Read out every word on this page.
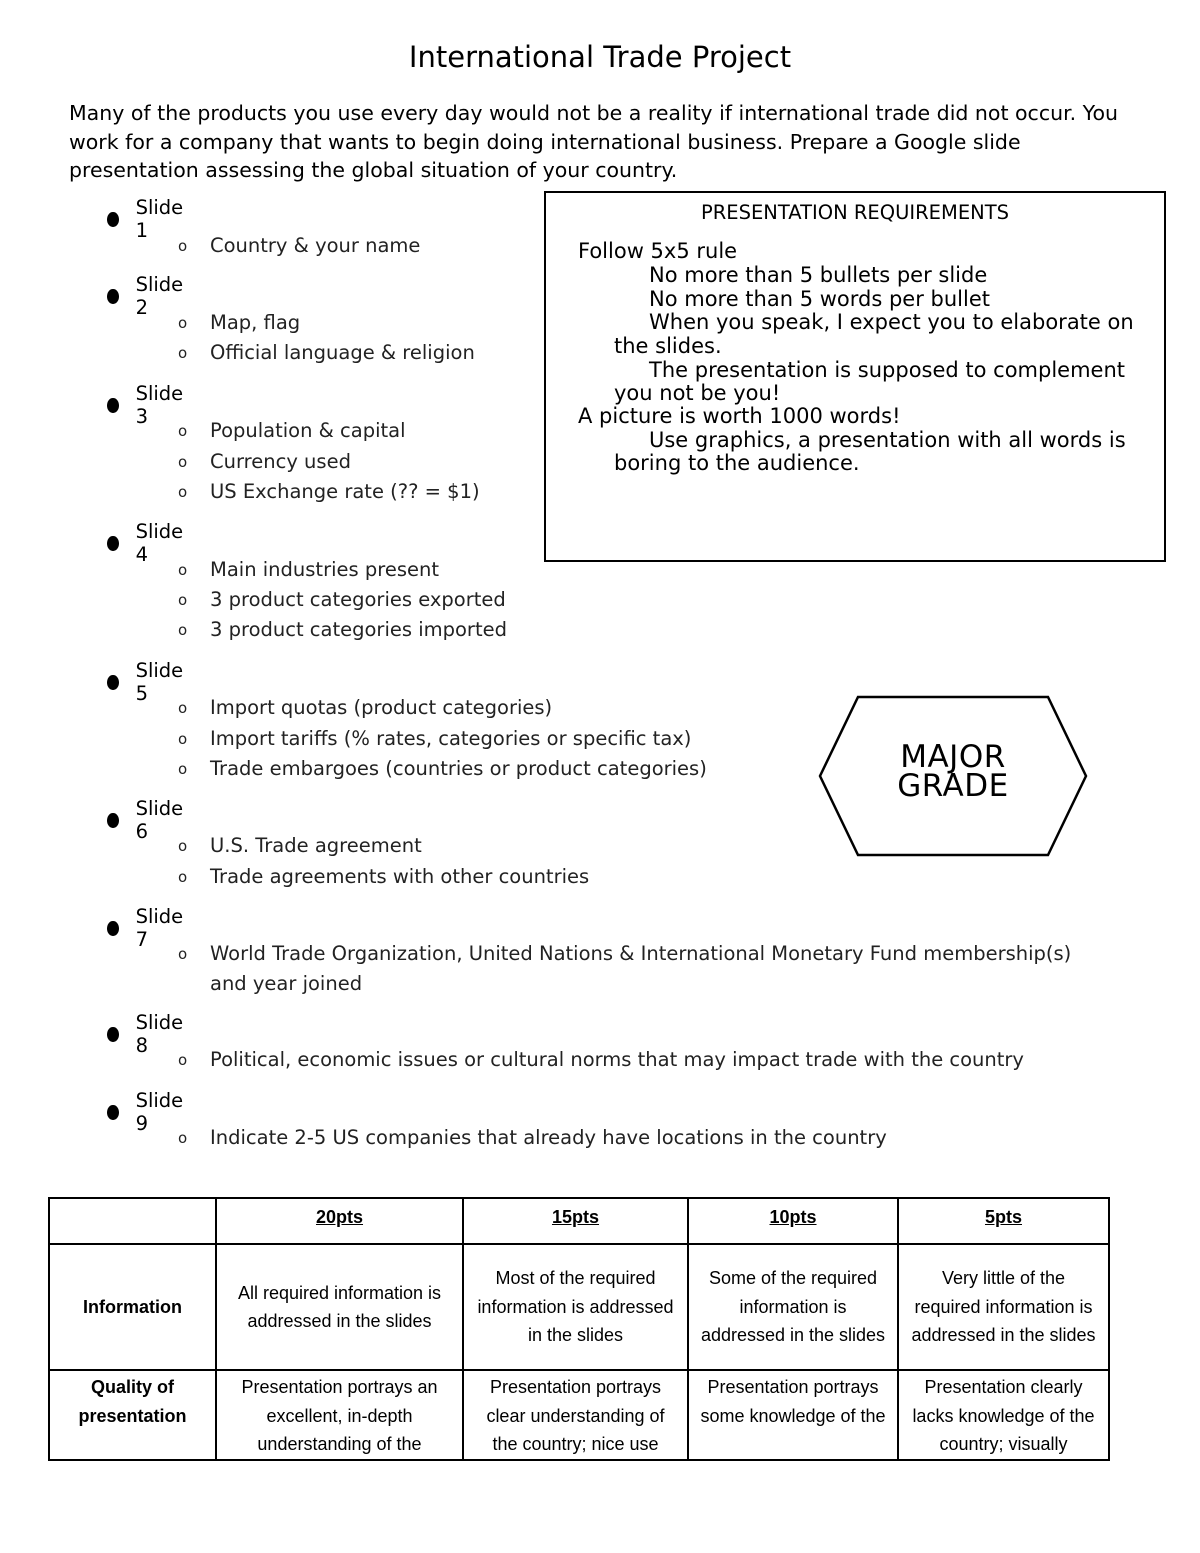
International Trade Project
Many of the products you use every day would not be a reality if international trade did not occur. You work for a company that wants to begin doing international business. Prepare a Google slide presentation assessing the global situation of your country.
Slide 1
o	Country & your name
Slide 2
o	Map, flag
o	Official language & religion
Slide 3
o	Population & capital
o	Currency used
o	US Exchange rate (?? = $1)
Slide 4
o	Main industries present
o	3 product categories exported
o	3 product categories imported
Slide 5
o	Import quotas (product categories)
o	Import tariffs (% rates, categories or specific tax)
o	Trade embargoes (countries or product categories)
Slide 6
o	U.S. Trade agreement
o	Trade agreements with other countries
Slide 7
o	World Trade Organization, United Nations & International Monetary Fund membership(s) and year joined
Slide 8
o	Political, economic issues or cultural norms that may impact trade with the country
Slide 9
o	Indicate 2-5 US companies that already have locations in the country
PRESENTATION REQUIREMENTS
Follow 5x5 rule
No more than 5 bullets per slide
No more than 5 words per bullet
When you speak, I expect you to elaborate on
the slides.
The presentation is supposed to complement
you not be you!
A picture is worth 1000 words!
Use graphics, a presentation with all words is
boring to the audience.
MAJOR
GRADE
	20pts	15pts	10pts	5pts
Information	All required information is addressed in the slides	Most of the required information is addressed in the slides	Some of the required information is addressed in the slides	Very little of the required information is addressed in the slides
Quality of presentation	Presentation portrays an excellent, in-depth understanding of the	Presentation portrays clear understanding of the country; nice use	Presentation portrays some knowledge of the	Presentation clearly lacks knowledge of the country; visually
